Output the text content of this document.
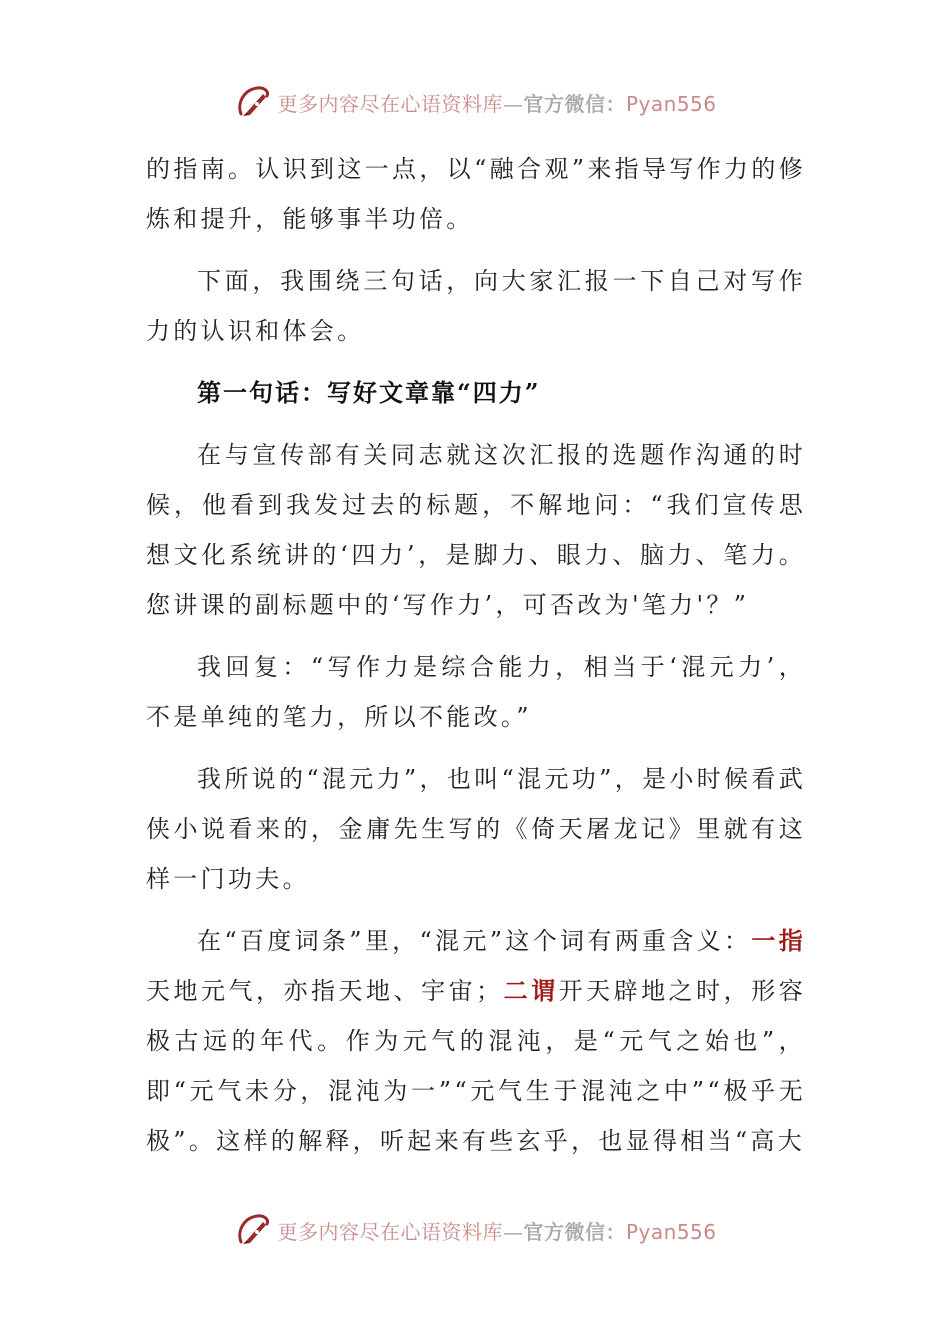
更多内容尽在心语资料库—官方微信：Pyan556

的指南。认识到这一点，以“融合观”来指导写作力的修炼和提升，能够事半功倍。

下面，我围绕三句话，向大家汇报一下自己对写作力的认识和体会。

第一句话：写好文章靠“四力”

在与宣传部有关同志就这次汇报的选题作沟通的时候，他看到我发过去的标题，不解地问：“我们宣传思想文化系统讲的‘四力’，是脚力、眼力、脑力、笔力。您讲课的副标题中的‘写作力’，可否改为'笔力'？”

我回复：“写作力是综合能力，相当于‘混元力’，不是单纯的笔力，所以不能改。”

我所说的“混元力”，也叫“混元功”，是小时候看武侠小说看来的，金庸先生写的《倚天屠龙记》里就有这样一门功夫。

在“百度词条”里，“混元”这个词有两重含义：一指天地元气，亦指天地、宇宙；二谓开天辟地之时，形容极古远的年代。作为元气的混沌，是“元气之始也”，即“元气未分，混沌为一”“元气生于混沌之中”“极乎无极”。这样的解释，听起来有些玄乎，也显得相当“高大

更多内容尽在心语资料库—官方微信：Pyan556
